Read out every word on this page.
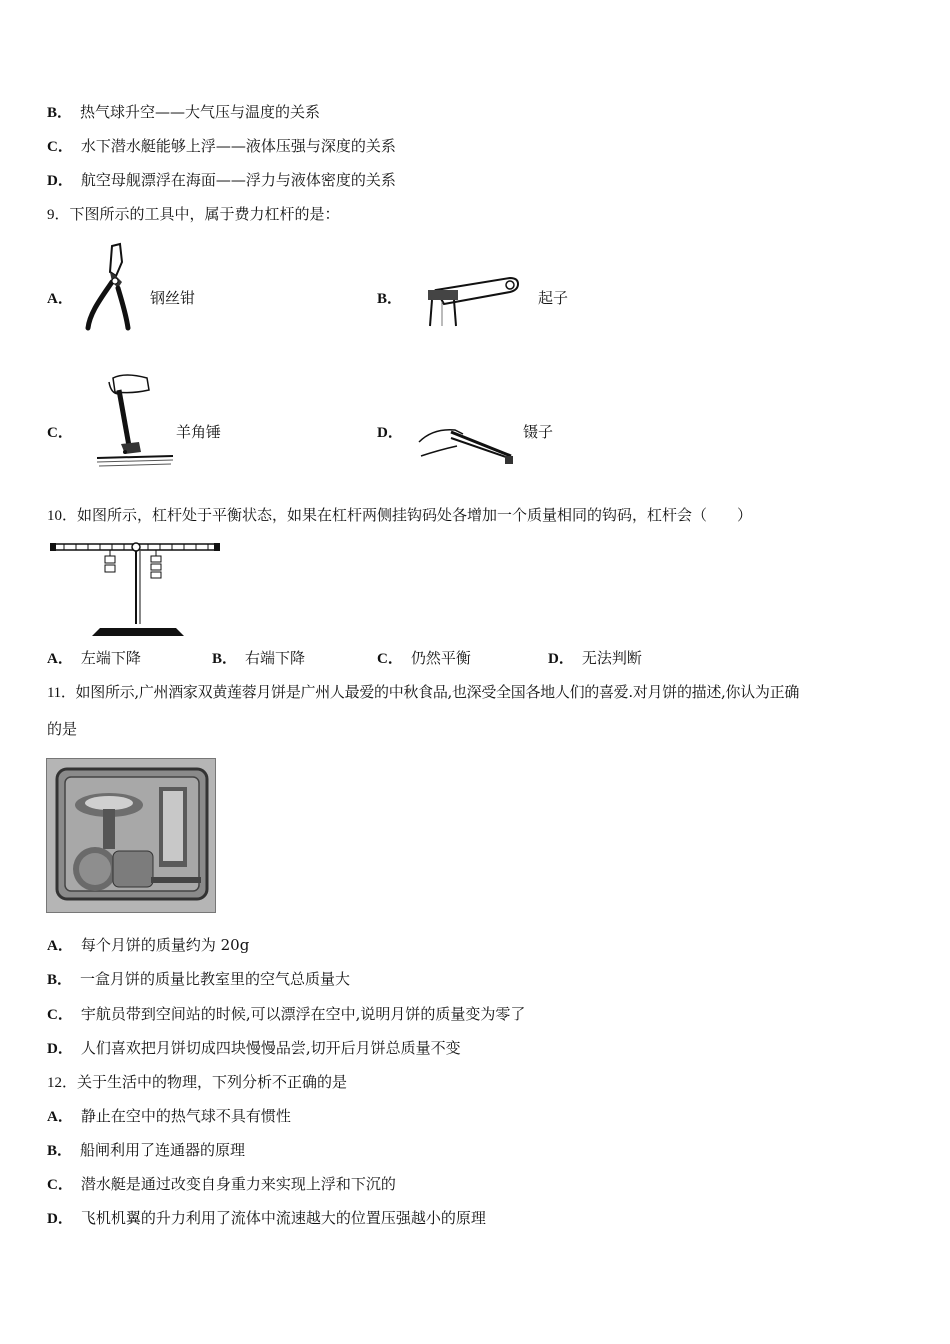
B． 热气球升空——大气压与温度的关系
C． 水下潜水艇能够上浮——液体压强与深度的关系
D． 航空母舰漂浮在海面——浮力与液体密度的关系
9．下图所示的工具中，属于费力杠杆的是：
A．	钢丝钳	B．	起子
C．	羊角锤	D．	镊子
10．如图所示，杠杆处于平衡状态，如果在杠杆两侧挂钩码处各增加一个质量相同的钩码，杠杆会（　　）
A． 左端下降	B． 右端下降	C． 仍然平衡	D． 无法判断
11．如图所示,广州酒家双黄莲蓉月饼是广州人最爱的中秋食品,也深受全国各地人们的喜爱.对月饼的描述,你认为正确
的是
A． 每个月饼的质量约为 20g
B． 一盒月饼的质量比教室里的空气总质量大
C． 宇航员带到空间站的时候,可以漂浮在空中,说明月饼的质量变为零了
D． 人们喜欢把月饼切成四块慢慢品尝,切开后月饼总质量不变
12．关于生活中的物理，下列分析不正确的是
A． 静止在空中的热气球不具有惯性
B． 船闸利用了连通器的原理
C． 潜水艇是通过改变自身重力来实现上浮和下沉的
D． 飞机机翼的升力利用了流体中流速越大的位置压强越小的原理
